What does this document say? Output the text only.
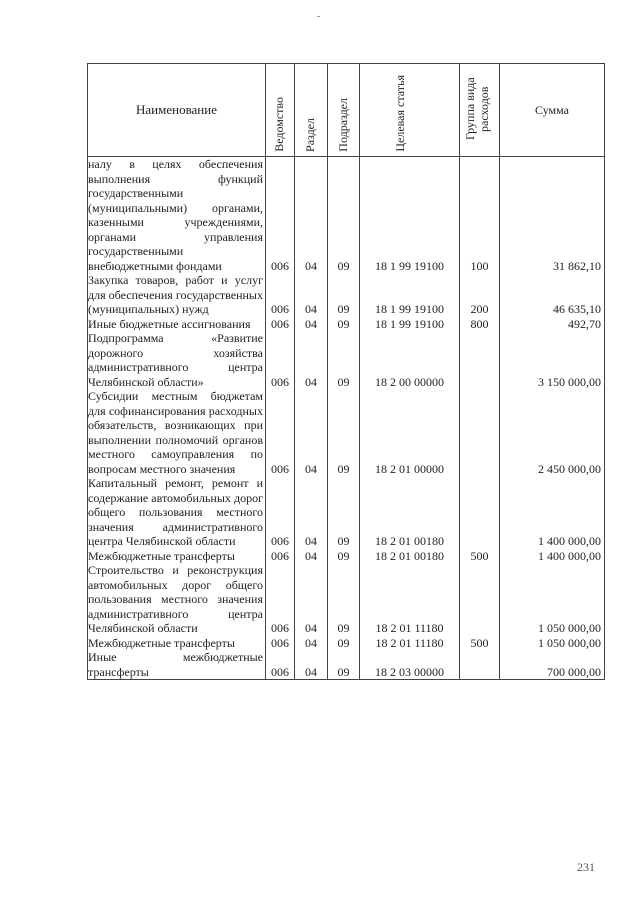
Наименование	Ведомство	Раздел	Подраздел	Целевая статья	Группа вида расходов	Сумма
налу в целях обеспечения выполнения функций государственными (муниципальными) органами, казенными учреждениями, органами управления государственными внебюджетными фондами	006	04	09	18 1 99 19100	100	31 862,10
Закупка товаров, работ и услуг для обеспечения государственных (муниципальных) нужд	006	04	09	18 1 99 19100	200	46 635,10
Иные бюджетные ассигнования	006	04	09	18 1 99 19100	800	492,70
Подпрограмма «Развитие дорожного хозяйства административного центра Челябинской области»	006	04	09	18 2 00 00000		3 150 000,00
Субсидии местным бюджетам для софинансирования расходных обязательств, возникающих при выполнении полномочий органов местного самоуправления по вопросам местного значения	006	04	09	18 2 01 00000		2 450 000,00
Капитальный ремонт, ремонт и содержание автомобильных дорог общего пользования местного значения административного центра Челябинской области	006	04	09	18 2 01 00180		1 400 000,00
Межбюджетные трансферты	006	04	09	18 2 01 00180	500	1 400 000,00
Строительство и реконструкция автомобильных дорог общего пользования местного значения административного центра Челябинской области	006	04	09	18 2 01 11180		1 050 000,00
Межбюджетные трансферты	006	04	09	18 2 01 11180	500	1 050 000,00
Иные межбюджетные трансферты	006	04	09	18 2 03 00000		700 000,00
231
